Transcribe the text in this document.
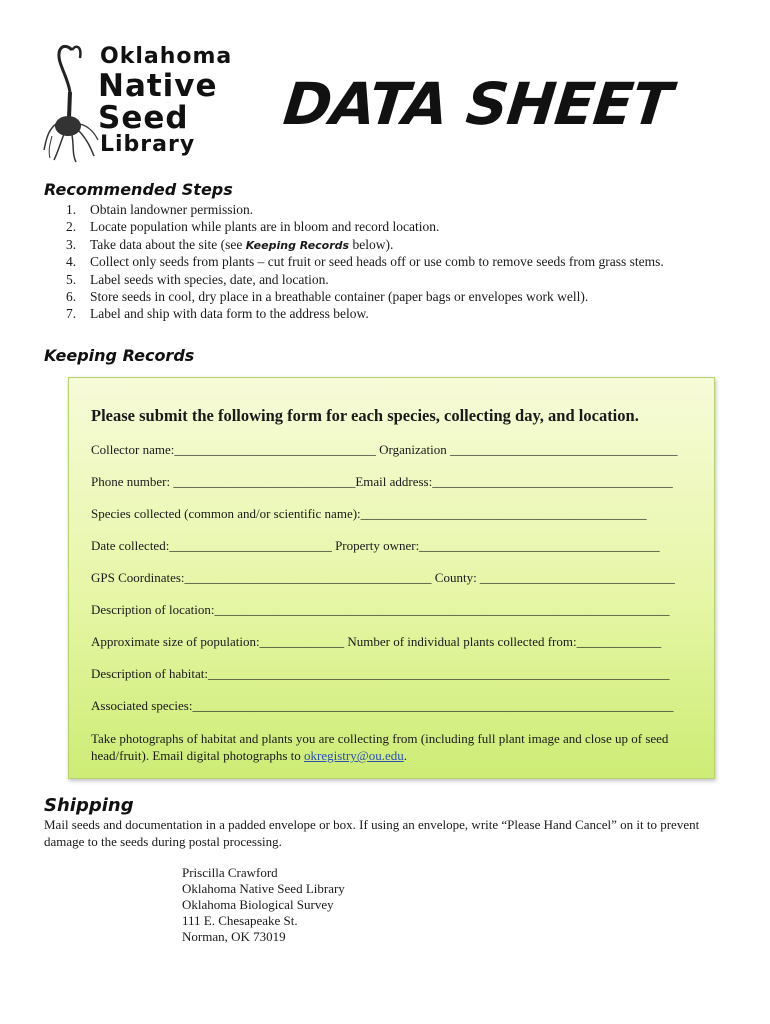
Oklahoma
Native
Seed
Library
DATA SHEET
Recommended Steps
1. Obtain landowner permission.
2. Locate population while plants are in bloom and record location.
3. Take data about the site (see Keeping Records below).
4. Collect only seeds from plants – cut fruit or seed heads off or use comb to remove seeds from grass stems.
5. Label seeds with species, date, and location.
6. Store seeds in cool, dry place in a breathable container (paper bags or envelopes work well).
7. Label and ship with data form to the address below.
Keeping Records
Please submit the following form for each species, collecting day, and location.
Collector name:_______________________________ Organization ___________________________________
Phone number: ____________________________Email address:_____________________________________
Species collected (common and/or scientific name):____________________________________________
Date collected:_________________________ Property owner:_____________________________________
GPS Coordinates:______________________________________ County: ______________________________
Description of location:______________________________________________________________________
Approximate size of population:_____________ Number of individual plants collected from:_____________
Description of habitat:_______________________________________________________________________
Associated species:__________________________________________________________________________
Take photographs of habitat and plants you are collecting from (including full plant image and close up of seed head/fruit). Email digital photographs to okregistry@ou.edu.
Shipping
Mail seeds and documentation in a padded envelope or box. If using an envelope, write “Please Hand Cancel” on it to prevent damage to the seeds during postal processing.
Priscilla Crawford
Oklahoma Native Seed Library
Oklahoma Biological Survey
111 E. Chesapeake St.
Norman, OK 73019
